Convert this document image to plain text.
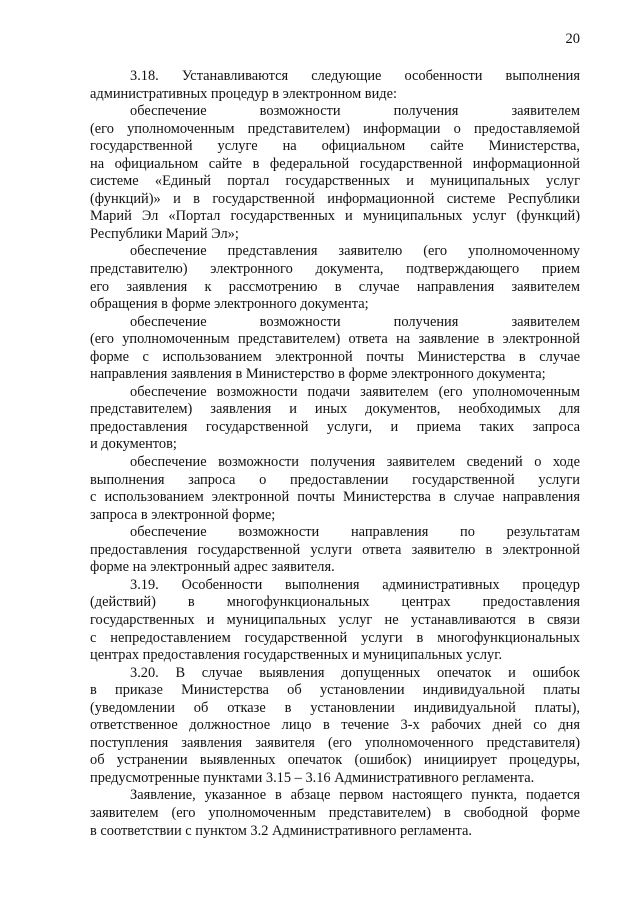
20

3.18. Устанавливаются следующие особенности выполнения
административных процедур в электронном виде:

обеспечение возможности получения заявителем
(его уполномоченным представителем) информации о предоставляемой
государственной услуге на официальном сайте Министерства,
на официальном сайте в федеральной государственной информационной
системе «Единый портал государственных и муниципальных услуг
(функций)» и в государственной информационной системе Республики
Марий Эл «Портал государственных и муниципальных услуг (функций)
Республики Марий Эл»;

обеспечение представления заявителю (его уполномоченному
представителю) электронного документа, подтверждающего прием
его заявления к рассмотрению в случае направления заявителем
обращения в форме электронного документа;

обеспечение возможности получения заявителем
(его уполномоченным представителем) ответа на заявление в электронной
форме с использованием электронной почты Министерства в случае
направления заявления в Министерство в форме электронного документа;

обеспечение возможности подачи заявителем (его уполномоченным
представителем) заявления и иных документов, необходимых для
предоставления государственной услуги, и приема таких запроса
и документов;

обеспечение возможности получения заявителем сведений о ходе
выполнения запроса о предоставлении государственной услуги
с использованием электронной почты Министерства в случае направления
запроса в электронной форме;

обеспечение возможности направления по результатам
предоставления государственной услуги ответа заявителю в электронной
форме на электронный адрес заявителя.

3.19. Особенности выполнения административных процедур
(действий) в многофункциональных центрах предоставления
государственных и муниципальных услуг не устанавливаются в связи
с непредоставлением государственной услуги в многофункциональных
центрах предоставления государственных и муниципальных услуг.

3.20. В случае выявления допущенных опечаток и ошибок
в приказе Министерства об установлении индивидуальной платы
(уведомлении об отказе в установлении индивидуальной платы),
ответственное должностное лицо в течение 3-х рабочих дней со дня
поступления заявления заявителя (его уполномоченного представителя)
об устранении выявленных опечаток (ошибок) инициирует процедуры,
предусмотренные пунктами 3.15 – 3.16 Административного регламента.

Заявление, указанное в абзаце первом настоящего пункта, подается
заявителем (его уполномоченным представителем) в свободной форме
в соответствии с пунктом 3.2 Административного регламента.
